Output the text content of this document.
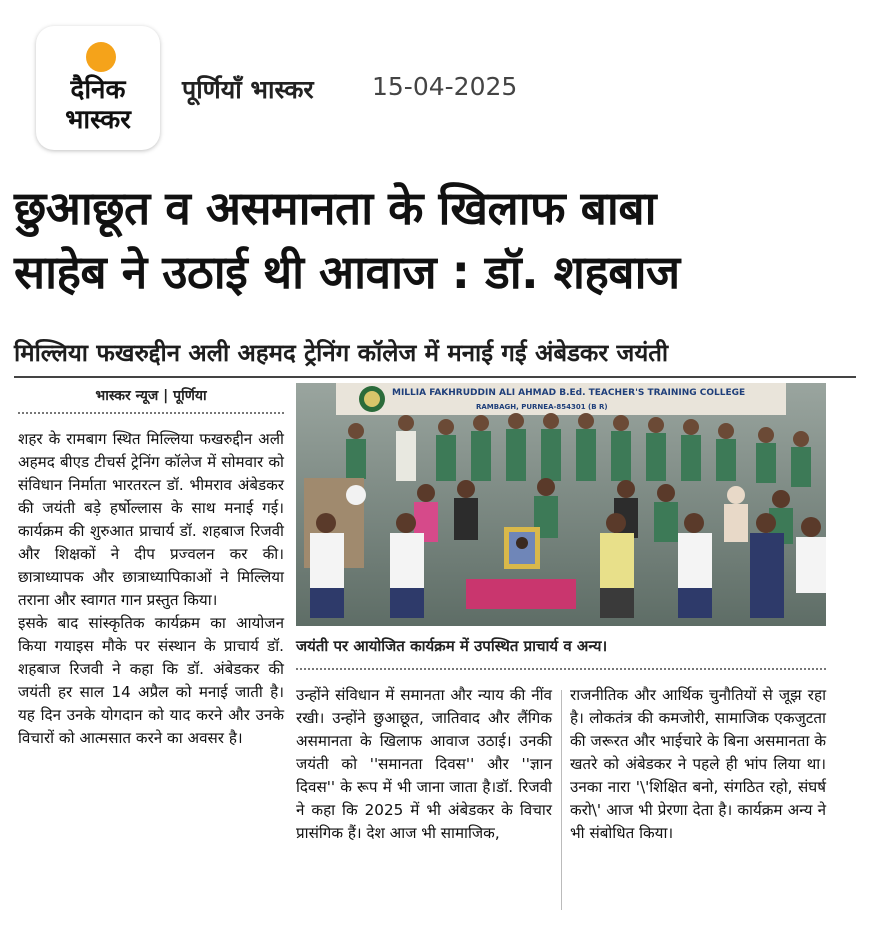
दैनिक
भास्कर
पूर्णियाँ भास्कर 15-04-2025
छुआछूत व असमानता के खिलाफ बाबा
साहेब ने उठाई थी आवाज : डॉ. शहबाज
मिल्लिया फखरुद्दीन अली अहमद ट्रेनिंग कॉलेज में मनाई गई अंबेडकर जयंती
भास्कर न्यूज | पूर्णिया

शहर के रामबाग स्थित मिल्लिया फखरुद्दीन अली अहमद बीएड टीचर्स ट्रेनिंग कॉलेज में सोमवार को संविधान निर्माता भारतरत्न डॉ. भीमराव अंबेडकर की जयंती बड़े हर्षोल्लास के साथ मनाई गई। कार्यक्रम की शुरुआत प्राचार्य डॉ. शहबाज रिजवी और शिक्षकों ने दीप प्रज्वलन कर की। छात्राध्यापक और छात्राध्यापिकाओं ने मिल्लिया तराना और स्वागत गान प्रस्तुत किया।

इसके बाद सांस्कृतिक कार्यक्रम का आयोजन किया गयाइस मौके पर संस्थान के प्राचार्य डॉ. शहबाज रिजवी ने कहा कि डॉ. अंबेडकर की जयंती हर साल 14 अप्रैल को मनाई जाती है। यह दिन उनके योगदान को याद करने और उनके विचारों को आत्मसात करने का अवसर है।

MILLIA FAKHRUDDIN ALI AHMAD B.Ed. TEACHER'S TRAINING COLLEGE
RAMBAGH, PURNEA-854301 (B R)
जयंती पर आयोजित कार्यक्रम में उपस्थित प्राचार्य व अन्य।

उन्होंने संविधान में समानता और न्याय की नींव रखी। उन्होंने छुआछूत, जातिवाद और लैंगिक असमानता के खिलाफ आवाज उठाई। उनकी जयंती को ''समानता दिवस'' और ''ज्ञान दिवस'' के रूप में भी जाना जाता है।डॉ. रिजवी ने कहा कि 2025 में भी अंबेडकर के विचार प्रासंगिक हैं। देश आज भी सामाजिक,

राजनीतिक और आर्थिक चुनौतियों से जूझ रहा है। लोकतंत्र की कमजोरी, सामाजिक एकजुटता की जरूरत और भाईचारे के बिना असमानता के खतरे को अंबेडकर ने पहले ही भांप लिया था। उनका नारा '\'शिक्षित बनो, संगठित रहो, संघर्ष करो\' आज भी प्रेरणा देता है। कार्यक्रम अन्य ने भी संबोधित किया।
